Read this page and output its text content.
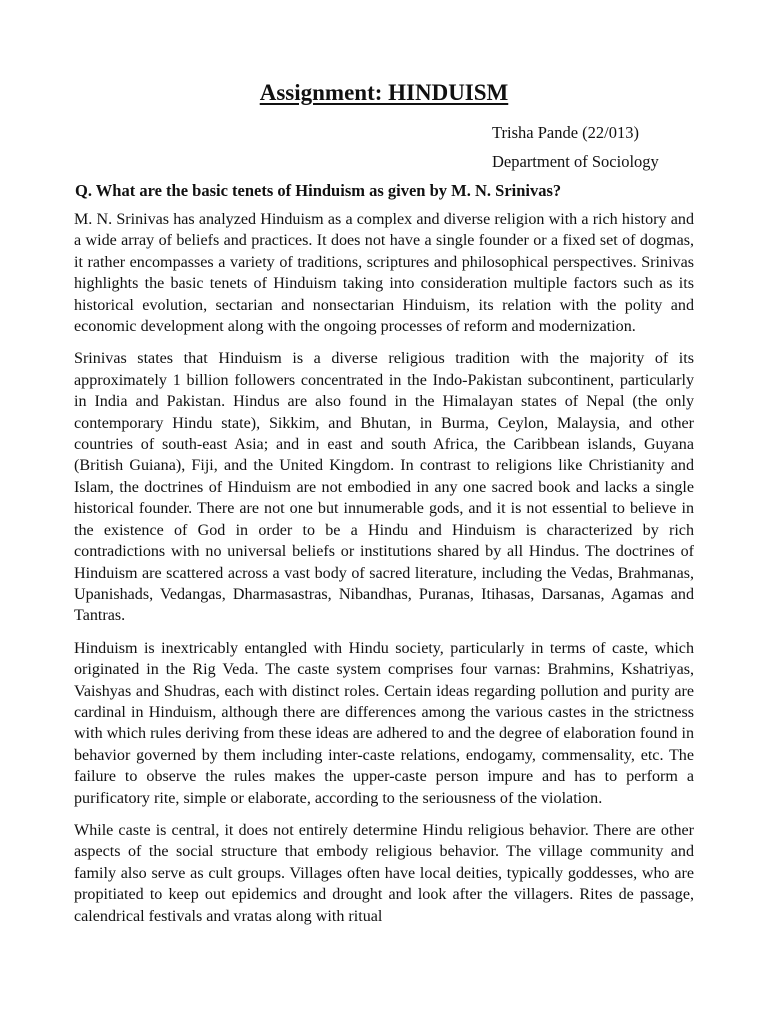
Assignment: HINDUISM
Trisha Pande (22/013)
Department of Sociology
Q. What are the basic tenets of Hinduism as given by M. N. Srinivas?

M. N. Srinivas has analyzed Hinduism as a complex and diverse religion with a rich history and a wide array of beliefs and practices. It does not have a single founder or a fixed set of dogmas, it rather encompasses a variety of traditions, scriptures and philosophical perspectives. Srinivas highlights the basic tenets of Hinduism taking into consideration multiple factors such as its historical evolution, sectarian and nonsectarian Hinduism, its relation with the polity and economic development along with the ongoing processes of reform and modernization.

Srinivas states that Hinduism is a diverse religious tradition with the majority of its approximately 1 billion followers concentrated in the Indo-Pakistan subcontinent, particularly in India and Pakistan. Hindus are also found in the Himalayan states of Nepal (the only contemporary Hindu state), Sikkim, and Bhutan, in Burma, Ceylon, Malaysia, and other countries of south-east Asia; and in east and south Africa, the Caribbean islands, Guyana (British Guiana), Fiji, and the United Kingdom. In contrast to religions like Christianity and Islam, the doctrines of Hinduism are not embodied in any one sacred book and lacks a single historical founder. There are not one but innumerable gods, and it is not essential to believe in the existence of God in order to be a Hindu and Hinduism is characterized by rich contradictions with no universal beliefs or institutions shared by all Hindus. The doctrines of Hinduism are scattered across a vast body of sacred literature, including the Vedas, Brahmanas, Upanishads, Vedangas, Dharmasastras, Nibandhas, Puranas, Itihasas, Darsanas, Agamas and Tantras.

Hinduism is inextricably entangled with Hindu society, particularly in terms of caste, which originated in the Rig Veda. The caste system comprises four varnas: Brahmins, Kshatriyas, Vaishyas and Shudras, each with distinct roles. Certain ideas regarding pollution and purity are cardinal in Hinduism, although there are differences among the various castes in the strictness with which rules deriving from these ideas are adhered to and the degree of elaboration found in behavior governed by them including inter-caste relations, endogamy, commensality, etc. The failure to observe the rules makes the upper-caste person impure and has to perform a purificatory rite, simple or elaborate, according to the seriousness of the violation.

While caste is central, it does not entirely determine Hindu religious behavior. There are other aspects of the social structure that embody religious behavior. The village community and family also serve as cult groups. Villages often have local deities, typically goddesses, who are propitiated to keep out epidemics and drought and look after the villagers. Rites de passage, calendrical festivals and vratas along with ritual
